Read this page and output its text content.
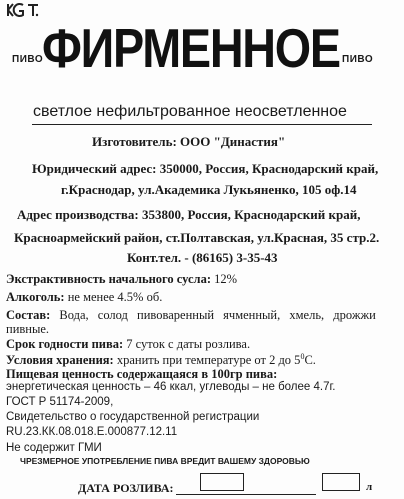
ПИВО
ФИРМЕННОЕ ПИВО
светлое нефильтрованное неосветленное
Изготовитель: ООО "Династия"
Юридический адрес: 350000, Россия, Краснодарский край,
г.Краснодар, ул.Академика Лукьяненко, 105 оф.14
Адрес производства: 353800, Россия, Краснодарский край,
Красноармейский район, ст.Полтавская, ул.Красная, 35 стр.2.
Конт.тел. - (86165) 3-35-43
Экстрактивность начального сусла: 12%
Алкоголь: не менее 4.5% об.
Состав: Вода, солод пивоваренный ячменный, хмель, дрожжи
пивные.
Срок годности пива: 7 суток с даты розлива.
Условия хранения: хранить при температуре от 2 до $5^0С$.
Пищевая ценность содержащаяся в 100гр пива:
энергетическая ценность – 46 ккал, углеводы – не более 4.7г.
ГОСТ Р 51174-2009,
Свидетельство о государственной регистрации
RU.23.КК.08.018.Е.000877.12.11
Не содержит ГМИ
ЧРЕЗМЕРНОЕ УПОТРЕБЛЕНИЕ ПИВА ВРЕДИТ ВАШЕМУ ЗДОРОВЬЮ
ДАТА РОЗЛИВА:	л
